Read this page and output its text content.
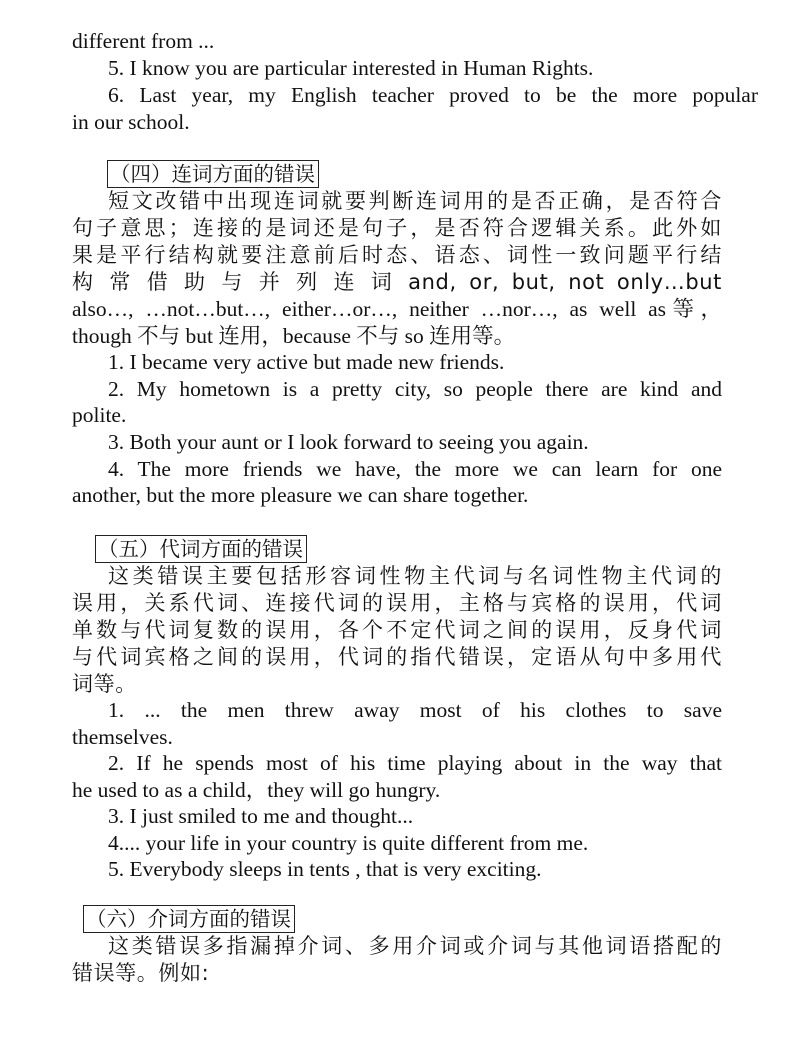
different from ...
5. I know you are particular interested in Human Rights.
6. Last year, my English teacher proved to be the more popular
in our school.
（四）连词方面的错误
短文改错中出现连词就要判断连词用的是否正确，是否符合
句子意思；连接的是词还是句子，是否符合逻辑关系。此外如
果是平行结构就要注意前后时态、语态、词性一致问题平行结
构 常 借 助 与 并 列 连 词 and, or, but, not only…but
also…, …not…but…, either…or…, neither …nor…, as well as等，
though 不与 but 连用，because 不与 so 连用等。
1. I became very active but made new friends.
2. My hometown is a pretty city, so people there are kind and
polite.
3. Both your aunt or I look forward to seeing you again.
4. The more friends we have, the more we can learn for one
another, but the more pleasure we can share together.
（五）代词方面的错误
这类错误主要包括形容词性物主代词与名词性物主代词的
误用，关系代词、连接代词的误用，主格与宾格的误用，代词
单数与代词复数的误用，各个不定代词之间的误用，反身代词
与代词宾格之间的误用，代词的指代错误，定语从句中多用代
词等。
1. ... the men threw away most of his clothes to save
themselves.
2. If he spends most of his time playing about in the way that
he used to as a child，they will go hungry.
3. I just smiled to me and thought...
4.... your life in your country is quite different from me.
5. Everybody sleeps in tents , that is very exciting.
（六）介词方面的错误
这类错误多指漏掉介词、多用介词或介词与其他词语搭配的
错误等。例如:
